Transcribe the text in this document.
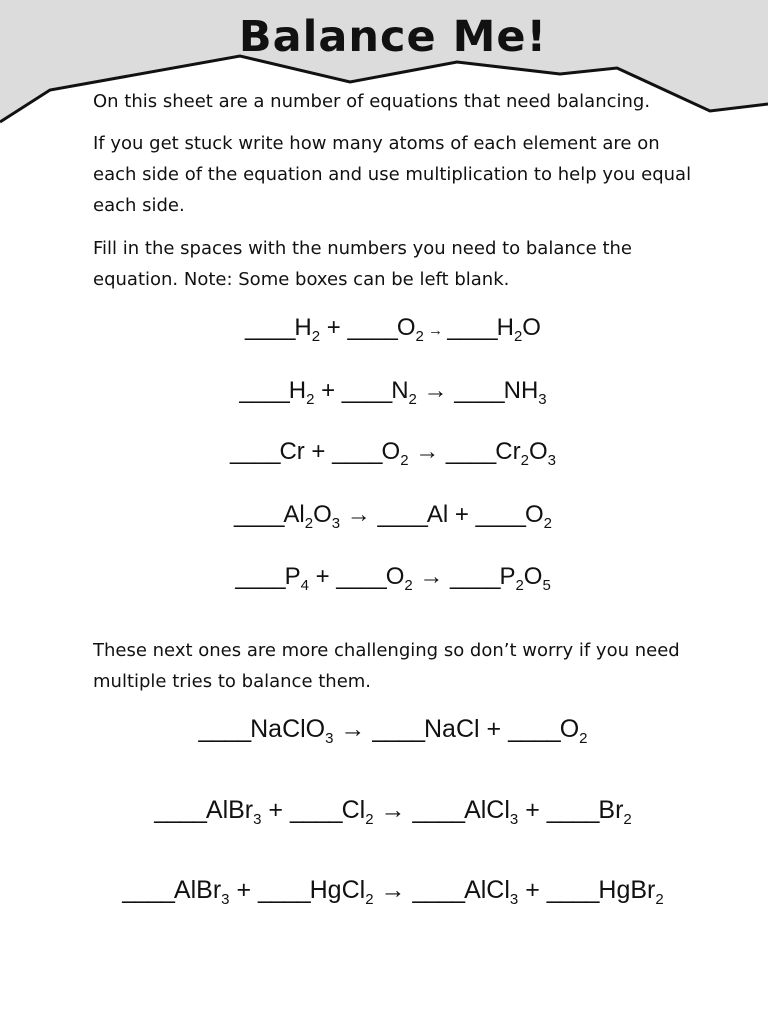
Balance Me!

On this sheet are a number of equations that need balancing.

If you get stuck write how many atoms of each element are on each side of the equation and use multiplication to help you equal each side.

Fill in the spaces with the numbers you need to balance the equation. Note: Some boxes can be left blank.

$\_\_\_\_H_2$ + $\_\_\_\_O_2$ → $\_\_\_\_H_2O$
$\_\_\_\_H_2$ + $\_\_\_\_N_2$ → $\_\_\_\_NH_3$
____Cr + $\_\_\_\_O_2$ → $\_\_\_\_Cr_2O_3$
$\_\_\_\_Al_2O_3$ → ____Al + $\_\_\_\_O_2$
$\_\_\_\_P_4$ + $\_\_\_\_O_2$ → $\_\_\_\_P_2O_5$

These next ones are more challenging so don’t worry if you need multiple tries to balance them.

____NaClO$_3$ → ____NaCl + $\_\_\_\_O_2$
____AlBr$_3$ + $\_\_\_\_Cl_2$ → ____AlCl$_3$ + $\_\_\_\_Br_2$
____AlBr$_3$ + ____HgCl$_2$ → ____AlCl$_3$ + ____HgBr$_2$
